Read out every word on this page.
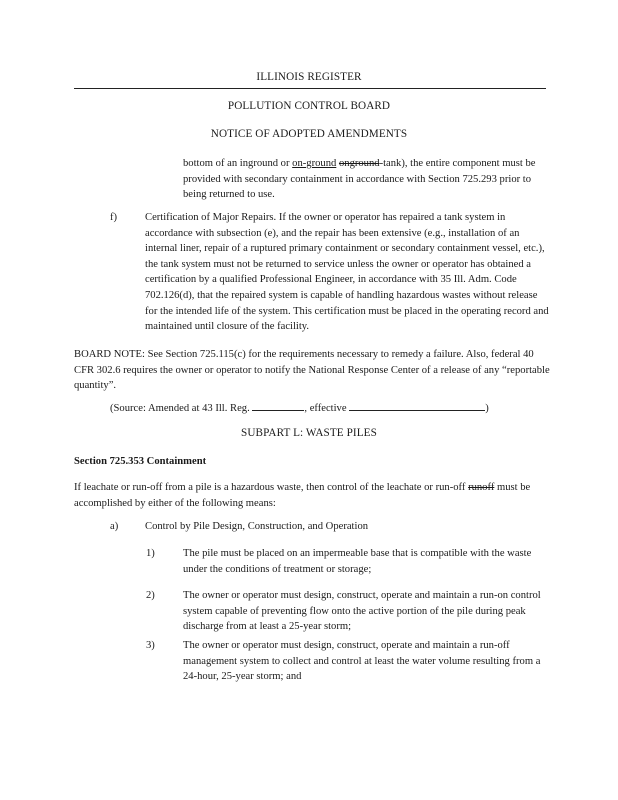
ILLINOIS REGISTER
POLLUTION CONTROL BOARD
NOTICE OF ADOPTED AMENDMENTS
bottom of an inground or on-ground onground-tank), the entire component must be provided with secondary containment in accordance with Section 725.293 prior to being returned to use.
f)	Certification of Major Repairs. If the owner or operator has repaired a tank system in accordance with subsection (e), and the repair has been extensive (e.g., installation of an internal liner, repair of a ruptured primary containment or secondary containment vessel, etc.), the tank system must not be returned to service unless the owner or operator has obtained a certification by a qualified Professional Engineer, in accordance with 35 Ill. Adm. Code 702.126(d), that the repaired system is capable of handling hazardous wastes without release for the intended life of the system. This certification must be placed in the operating record and maintained until closure of the facility.
BOARD NOTE: See Section 725.115(c) for the requirements necessary to remedy a failure. Also, federal 40 CFR 302.6 requires the owner or operator to notify the National Response Center of a release of any “reportable quantity”.
(Source: Amended at 43 Ill. Reg.	, effective	)
SUBPART L: WASTE PILES
Section 725.353 Containment
If leachate or run-off from a pile is a hazardous waste, then control of the leachate or run-off runoff must be accomplished by either of the following means:
a)	Control by Pile Design, Construction, and Operation
1)	The pile must be placed on an impermeable base that is compatible with the waste under the conditions of treatment or storage;
2)	The owner or operator must design, construct, operate and maintain a run-on control system capable of preventing flow onto the active portion of the pile during peak discharge from at least a 25-year storm;
3)	The owner or operator must design, construct, operate and maintain a run-off management system to collect and control at least the water volume resulting from a 24-hour, 25-year storm; and
